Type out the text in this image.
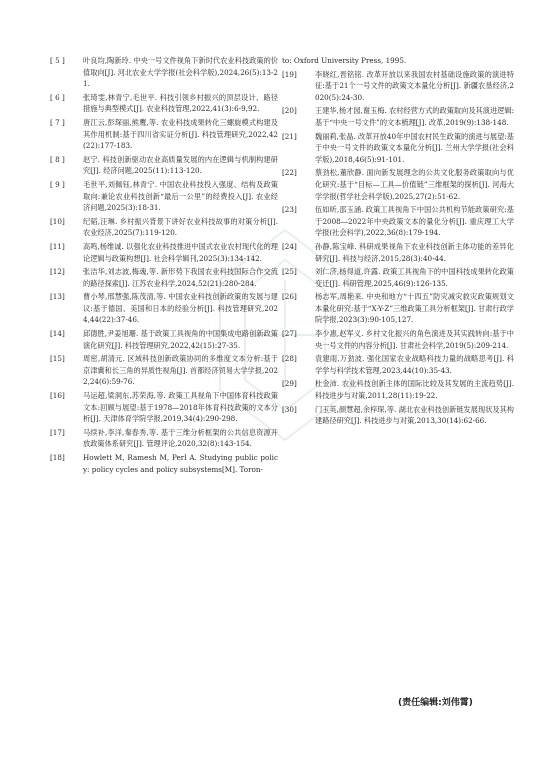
[ 5 ]	叶良均,陶新玲. 中央一号文件视角下新时代农业科技政策的价值取向[J]. 河北农业大学学报(社会科学版),2024,26(5):13-21.
[ 6 ]	张琦雯,林青宁,毛世平. 科技引领乡村振兴的顶层设计、路径措施与典型模式[J]. 农业科技管理,2022,41(3):6-9,92.
[ 7 ]	唐江云,彭琛丽,熊鹰,等. 农业科技成果转化三螺旋模式构建及其作用机制:基于四川省实证分析[J]. 科技管理研究,2022,42(22):177-183.
[ 8 ]	赵宁. 科技创新驱动农业高质量发展的内在逻辑与机制构建研究[J]. 经济问题,2025(11):113-120.
[ 9 ]	毛世平,刘佩钰,林青宁. 中国农业科技投入强度、结构及政策取向:兼论农业科技创新“最后一公里”的经费投入[J]. 农业经济问题,2025(3):18-31.
[10]	纪韬,汪琳. 乡村振兴背景下讲好农业科技故事的对策分析[J]. 农业经济,2025(7):119-120.
[11]	高鸣,杨维诚. 以强化农业科技推进中国式农业农村现代化的理论逻辑与政策构想[J]. 社会科学辑刊,2025(3):134-142.
[12]	张洁华,刘志波,梅魂,等. 新形势下我国农业科技国际合作交流的路径探索[J]. 江苏农业科学,2024,52(21):280-284.
[13]	曹小琴,邢慧强,陈茂清,等. 中国农业科技创新政策的发展与建议:基于德国、美国和日本的经验分析[J]. 科技管理研究,2024,44(22):37-46.
[14]	邱德胜,尹姜旭珊. 基于政策工具视角的中国集成电路创新政策演化研究[J]. 科技管理研究,2022,42(15):27-35.
[15]	周密,胡清元. 区域科技创新政策协同的多维度文本分析:基于京津冀和长三角的异质性视角[J]. 首都经济贸易大学学报,2022,24(6):59-76.
[16]	马运超,梁洞东,苏荣海,等. 政策工具视角下中国体育科技政策文本:回顾与展望:基于1978—2018年体育科技政策的文本分析[J]. 天津体育学院学报,2019,34(4):290-298.
[17]	马续补,李洋,秦春秀,等. 基于三维分析框架的公共信息资源开放政策体系研究[J]. 管理评论,2020,32(8):143-154.
[18]	Howlett M, Ramesh M, Perl A. Studying public policy: policy cycles and policy subsystems[M]. Toron-
to: Oxford University Press, 1995.
[19]	李晓红,晋铭铭. 改革开放以来我国农村基础设施政策的演进特征:基于21个一号文件的政策文本量化分析[J]. 新疆农垦经济,2020(5):24-30.
[20]	王建华,杨才园,谢玉梅. 农村经营方式的政策取向及其演进逻辑:基于“中央一号文件”的文本梳理[J]. 改革,2019(9):138-148.
[21]	魏丽莉,张晶. 改革开放40年中国农村民生政策的演进与展望:基于中央一号文件的政策文本量化分析[J]. 兰州大学学报(社会科学版),2018,46(5):91-101.
[22]	蔡劲松,董欣静. 面向新发展理念的公共文化服务政策取向与优化研究:基于“目标—工具—价值链”三维框架的探析[J]. 河海大学学报(哲学社会科学版),2025,27(2):51-62.
[23]	伍如昕,邵玉涵. 政策工具视角下中国公共机构节能政策研究:基于2008—2022年中央政策文本的量化分析[J]. 重庆理工大学学报(社会科学),2022,36(8):179-194.
[24]	孙静,陈宝峰. 科研成果视角下农业科技创新主体功能的差异化研究[J]. 科技与经济,2015,28(3):40-44.
[25]	刘仁济,杨得道,许露. 政策工具视角下的中国科技成果转化政策变迁[J]. 科研管理,2025,46(9):126-135.
[26]	杨志军,周艳来. 中央和地方“十四五”防灾减灾救灾政策规划文本量化研究:基于“X-Y-Z”三维政策工具分析框架[J]. 甘肃行政学院学报,2023(3):90-105,127.
[27]	李少惠,赵军义. 乡村文化振兴的角色演进及其实践转向:基于中央一号文件的内容分析[J]. 甘肃社会科学,2019(5):209-214.
[28]	袁建雨,万劲波. 强化国家农业战略科技力量的战略思考[J]. 科学学与科学技术管理,2023,44(10):35-43.
[29]	杜金沛. 农业科技创新主体的国际比较及其发展的主流趋势[J]. 科技进步与对策,2011,28(11):19-22.
[30]	门玉英,颜慧超,余梓琛,等. 湖北农业科技创新链发展现状及其构建路径研究[J]. 科技进步与对策,2013,30(14):62-66.
(责任编辑:刘伟霄)
